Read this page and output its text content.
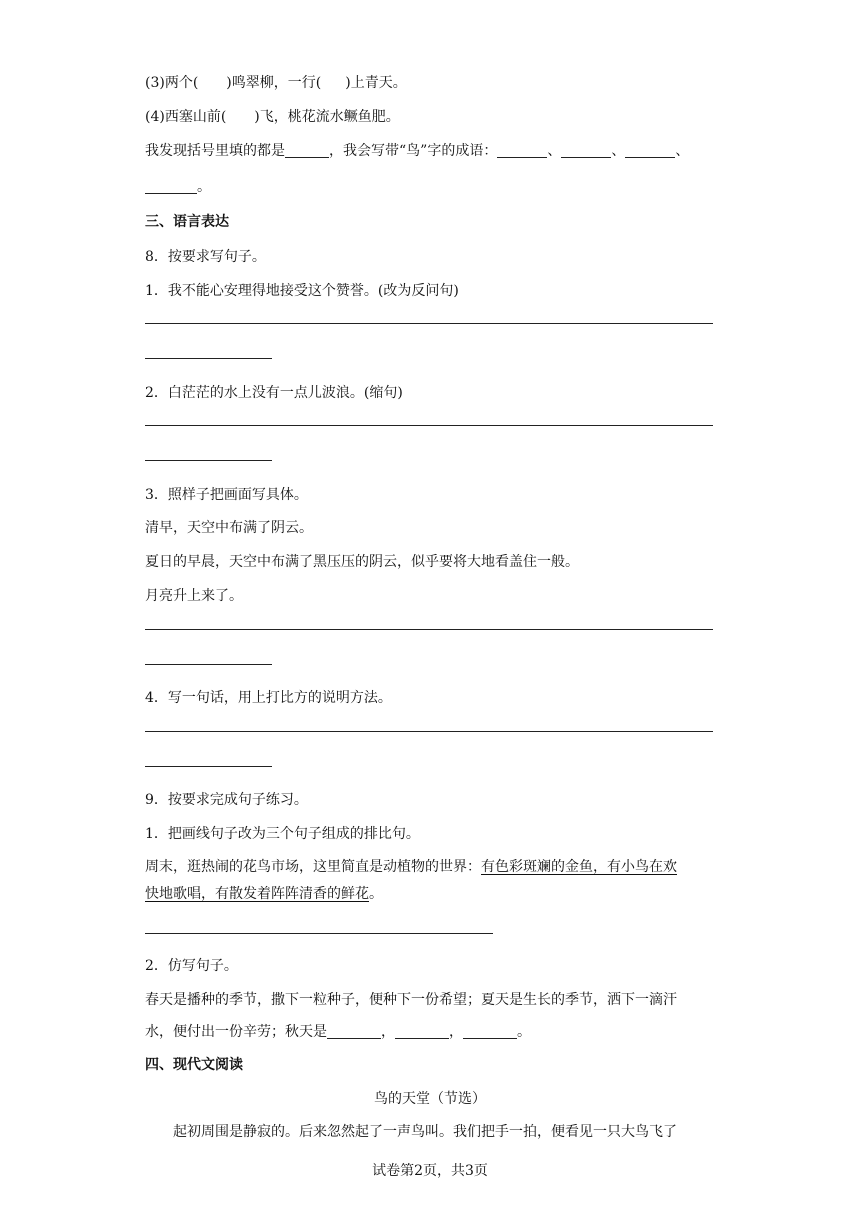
(3)两个( )鸣翠柳，一行( )上青天。
(4)西塞山前( )飞，桃花流水鳜鱼肥。
我发现括号里填的都是	，我会写带“鸟”字的成语：	、	、	、
。
三、语言表达
8．按要求写句子。
1．我不能心安理得地接受这个赞誉。(改为反问句)
2．白茫茫的水上没有一点儿波浪。(缩句)
3．照样子把画面写具体。
清早，天空中布满了阴云。
夏日的早晨，天空中布满了黑压压的阴云，似乎要将大地看盖住一般。
月亮升上来了。
4．写一句话，用上打比方的说明方法。
9．按要求完成句子练习。
1．把画线句子改为三个句子组成的排比句。
周末，逛热闹的花鸟市场，这里简直是动植物的世界：有色彩斑斓的金鱼，有小鸟在欢
快地歌唱，有散发着阵阵清香的鲜花。
2．仿写句子。
春天是播种的季节，撒下一粒种子，便种下一份希望；夏天是生长的季节，洒下一滴汗
水，便付出一份辛劳；秋天是	，	，	。
四、现代文阅读
鸟的天堂（节选）
起初周围是静寂的。后来忽然起了一声鸟叫。我们把手一拍，便看见一只大鸟飞了
试卷第2页，共3页
